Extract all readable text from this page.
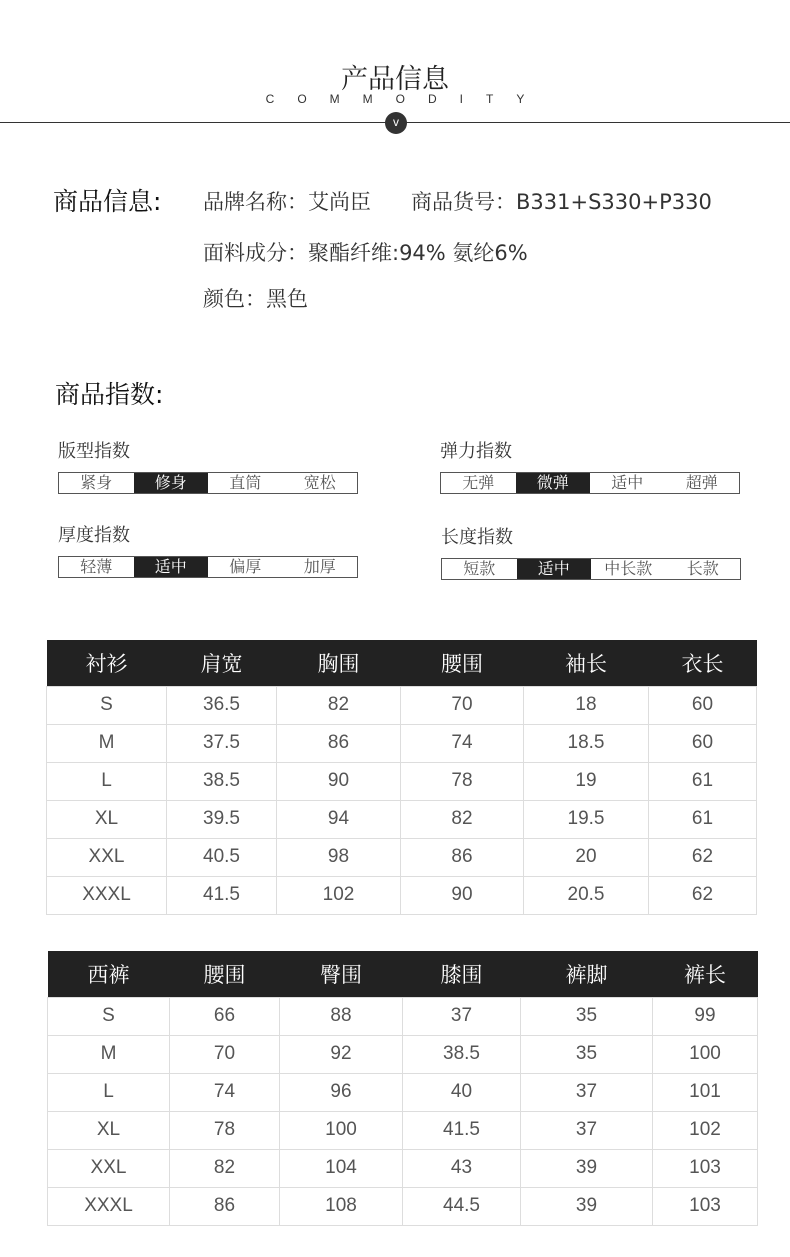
产品信息
COMMODITY
v
商品信息: 品牌名称：艾尚臣 商品货号：B331+S330+P330
面料成分：聚酯纤维:94% 氨纶6%
颜色：黑色
商品指数:
版型指数
紧身	修身	直筒	宽松
弹力指数
无弹	微弹	适中	超弹
厚度指数
轻薄	适中	偏厚	加厚
长度指数
短款	适中	中长款	长款
衬衫	肩宽	胸围	腰围	袖长	衣长
S	36.5	82	70	18	60
M	37.5	86	74	18.5	60
L	38.5	90	78	19	61
XL	39.5	94	82	19.5	61
XXL	40.5	98	86	20	62
XXXL	41.5	102	90	20.5	62
西裤	腰围	臀围	膝围	裤脚	裤长
S	66	88	37	35	99
M	70	92	38.5	35	100
L	74	96	40	37	101
XL	78	100	41.5	37	102
XXL	82	104	43	39	103
XXXL	86	108	44.5	39	103
